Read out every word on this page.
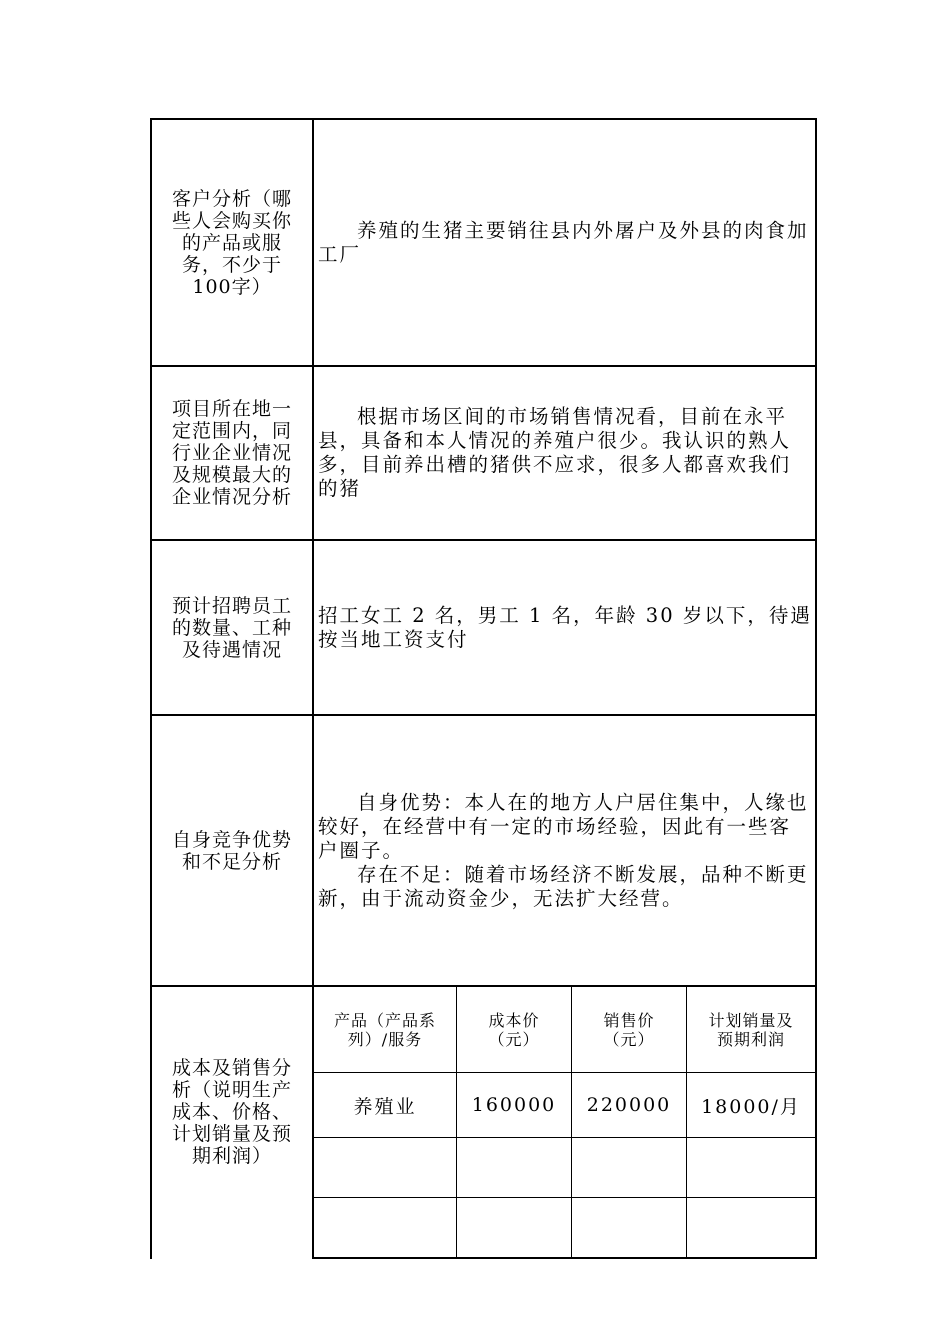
客户分析（哪些人会购买你的产品或服务，不少于100字）

养殖的生猪主要销往县内外屠户及外县的肉食加工厂

项目所在地一定范围内，同行业企业情况及规模最大的企业情况分析

根据市场区间的市场销售情况看，目前在永平县，具备和本人情况的养殖户很少。我认识的熟人多，目前养出槽的猪供不应求，很多人都喜欢我们的猪

预计招聘员工的数量、工种及待遇情况

招工女工 2 名，男工 1 名，年龄 30 岁以下，待遇按当地工资支付

自身竞争优势和不足分析

自身优势：本人在的地方人户居住集中，人缘也较好，在经营中有一定的市场经验，因此有一些客户圈子。

存在不足：随着市场经济不断发展，品种不断更新，由于流动资金少，无法扩大经营。

成本及销售分析（说明生产成本、价格、计划销量及预期利润）
产品（产品系列）/服务
成本价（元）
销售价（元）
计划销量及预期利润
养殖业	160000 220000 18000/月
